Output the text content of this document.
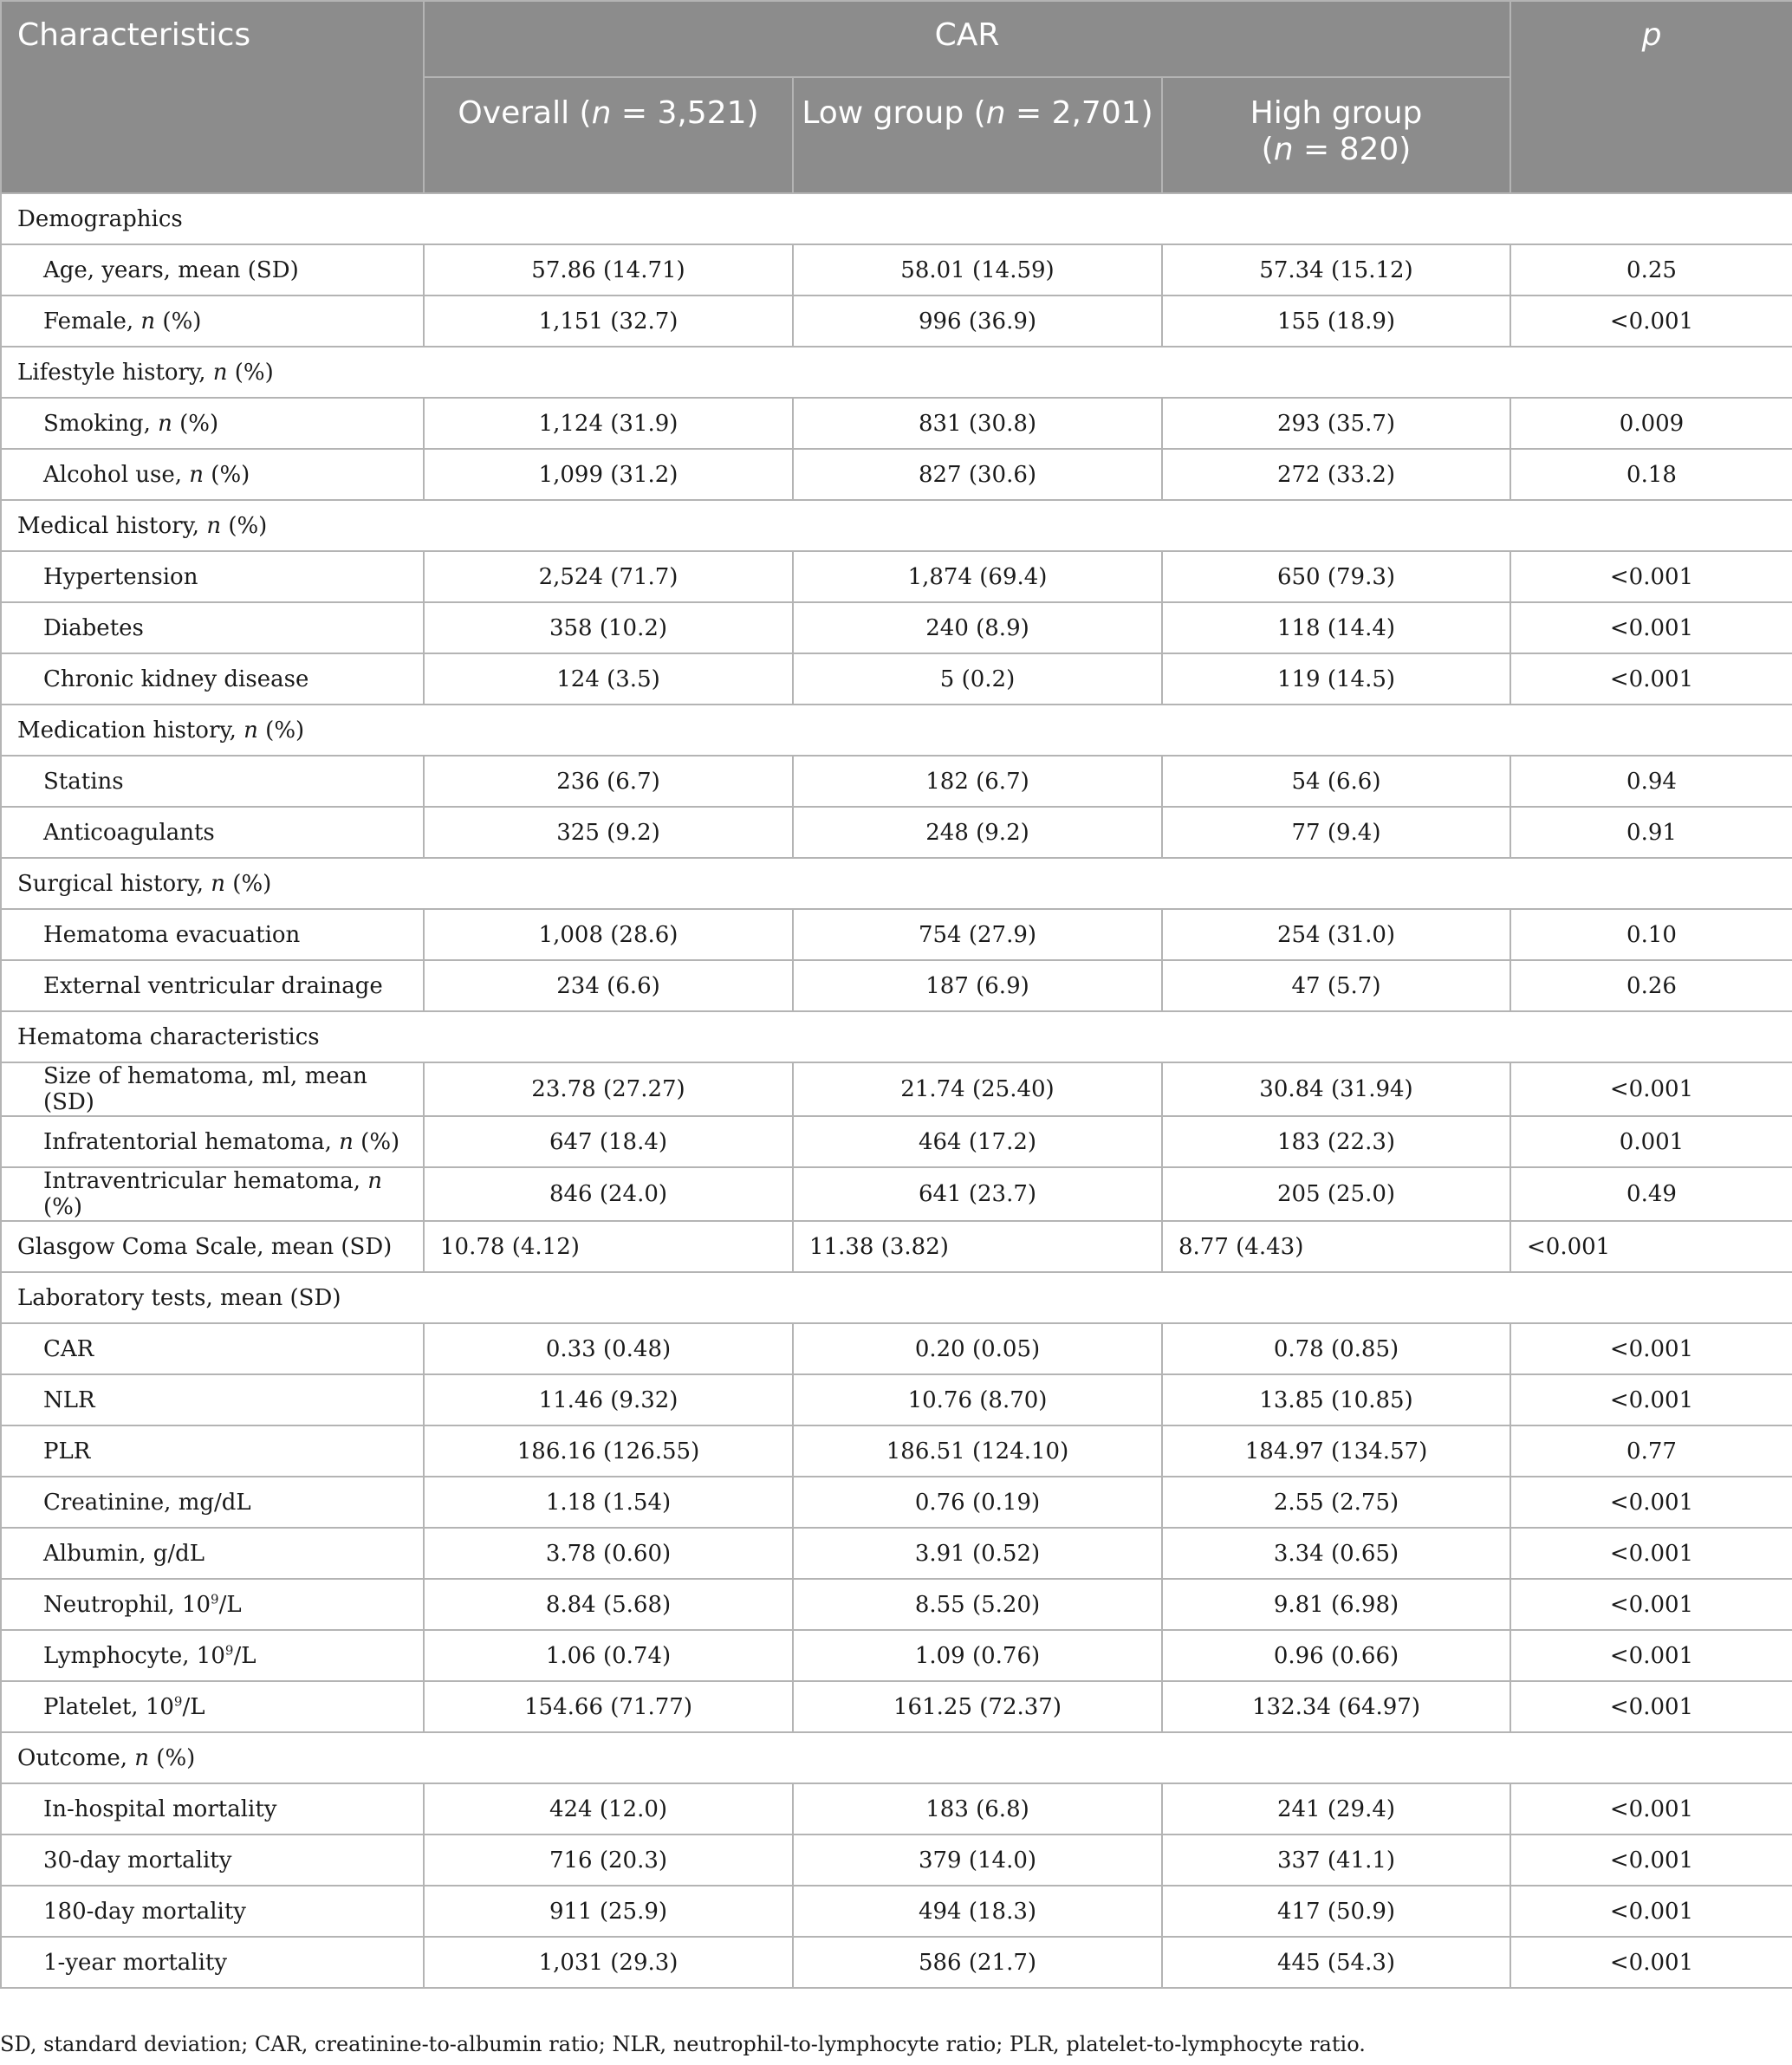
Characteristics	CAR			p
	Overall (n = 3,521)	Low group (n = 2,701)	High group
(n = 820)	
Demographics				
Age, years, mean (SD)	57.86 (14.71)	58.01 (14.59)	57.34 (15.12)	0.25
Female, n (%)	1,151 (32.7)	996 (36.9)	155 (18.9)	<0.001
Lifestyle history, n (%)				
Smoking, n (%)	1,124 (31.9)	831 (30.8)	293 (35.7)	0.009
Alcohol use, n (%)	1,099 (31.2)	827 (30.6)	272 (33.2)	0.18
Medical history, n (%)				
Hypertension	2,524 (71.7)	1,874 (69.4)	650 (79.3)	<0.001
Diabetes	358 (10.2)	240 (8.9)	118 (14.4)	<0.001
Chronic kidney disease	124 (3.5)	5 (0.2)	119 (14.5)	<0.001
Medication history, n (%)				
Statins	236 (6.7)	182 (6.7)	54 (6.6)	0.94
Anticoagulants	325 (9.2)	248 (9.2)	77 (9.4)	0.91
Surgical history, n (%)				
Hematoma evacuation	1,008 (28.6)	754 (27.9)	254 (31.0)	0.10
External ventricular drainage	234 (6.6)	187 (6.9)	47 (5.7)	0.26
Hematoma characteristics				
Size of hematoma, ml, mean (SD)	23.78 (27.27)	21.74 (25.40)	30.84 (31.94)	<0.001
Infratentorial hematoma, n (%)	647 (18.4)	464 (17.2)	183 (22.3)	0.001
Intraventricular hematoma, n (%)	846 (24.0)	641 (23.7)	205 (25.0)	0.49
Glasgow Coma Scale, mean (SD)	10.78 (4.12)	11.38 (3.82)	8.77 (4.43)	<0.001
Laboratory tests, mean (SD)				
CAR	0.33 (0.48)	0.20 (0.05)	0.78 (0.85)	<0.001
NLR	11.46 (9.32)	10.76 (8.70)	13.85 (10.85)	<0.001
PLR	186.16 (126.55)	186.51 (124.10)	184.97 (134.57)	0.77
Creatinine, mg/dL	1.18 (1.54)	0.76 (0.19)	2.55 (2.75)	<0.001
Albumin, g/dL	3.78 (0.60)	3.91 (0.52)	3.34 (0.65)	<0.001
Neutrophil, $10^9/L$	8.84 (5.68)	8.55 (5.20)	9.81 (6.98)	<0.001
Lymphocyte, $10^9/L$	1.06 (0.74)	1.09 (0.76)	0.96 (0.66)	<0.001
Platelet, $10^9/L$	154.66 (71.77)	161.25 (72.37)	132.34 (64.97)	<0.001
Outcome, n (%)				
In-hospital mortality	424 (12.0)	183 (6.8)	241 (29.4)	<0.001
30-day mortality	716 (20.3)	379 (14.0)	337 (41.1)	<0.001
180-day mortality	911 (25.9)	494 (18.3)	417 (50.9)	<0.001
1-year mortality	1,031 (29.3)	586 (21.7)	445 (54.3)	<0.001
SD, standard deviation; CAR, creatinine-to-albumin ratio; NLR, neutrophil-to-lymphocyte ratio; PLR, platelet-to-lymphocyte ratio.
